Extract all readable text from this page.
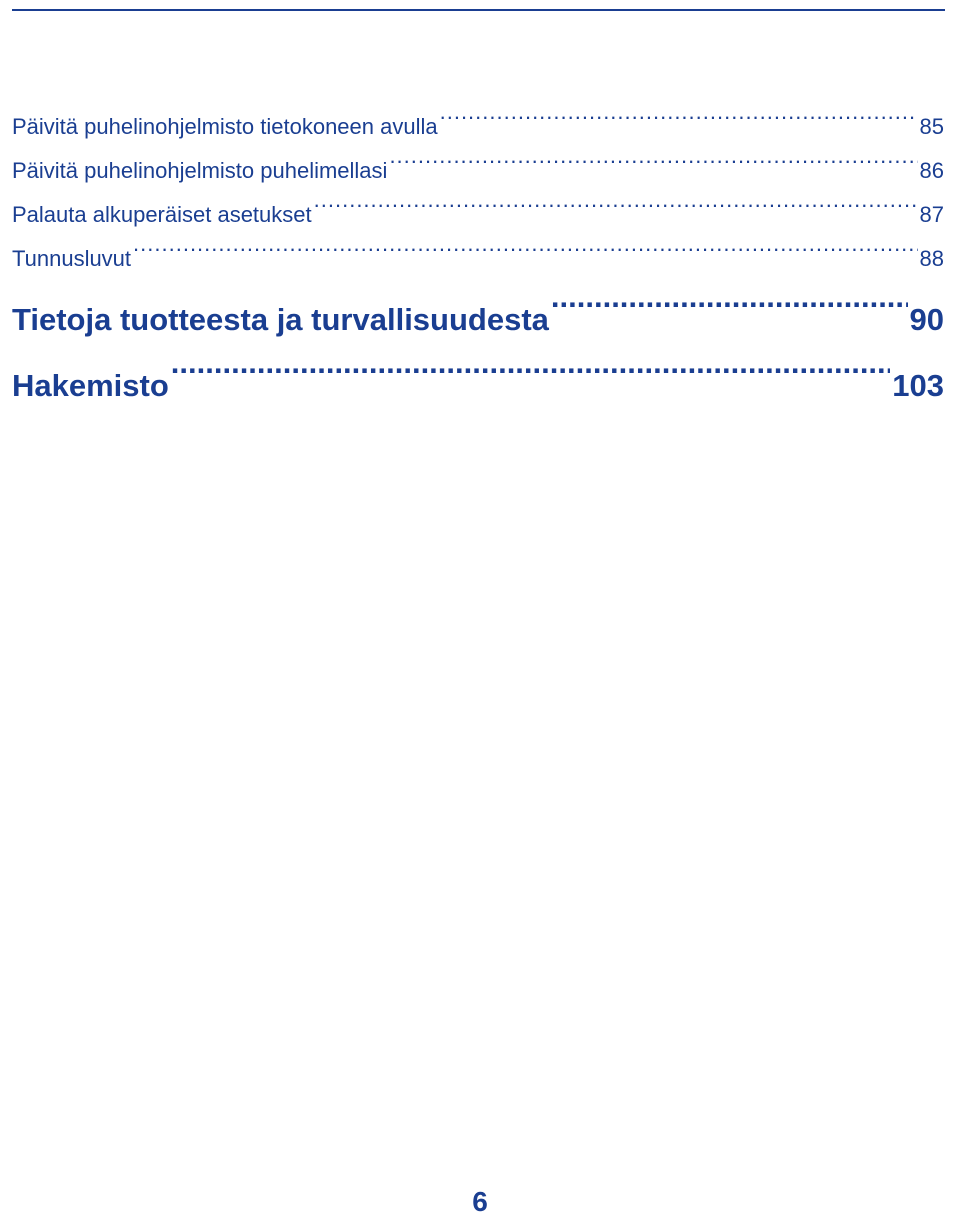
Päivitä puhelinohjelmisto tietokoneen avulla .....	85
Päivitä puhelinohjelmisto puhelimellasi .....	86
Palauta alkuperäiset asetukset .....	87
Tunnusluvut .....	88
Tietoja tuotteesta ja turvallisuudesta .....	90
Hakemisto .....	103
6
